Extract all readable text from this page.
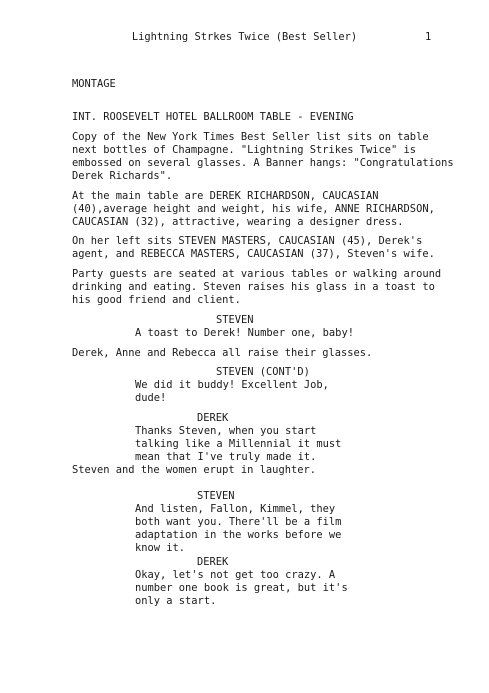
Lightning Strkes Twice (Best Seller)	1
MONTAGE
INT. ROOSEVELT HOTEL BALLROOM TABLE - EVENING
Copy of the New York Times Best Seller list sits on table
next bottles of Champagne. "Lightning Strikes Twice" is
embossed on several glasses. A Banner hangs: "Congratulations
Derek Richards".
At the main table are DEREK RICHARDSON, CAUCASIAN
(40),average height and weight, his wife, ANNE RICHARDSON,
CAUCASIAN (32), attractive, wearing a designer dress.
On her left sits STEVEN MASTERS, CAUCASIAN (45), Derek's
agent, and REBECCA MASTERS, CAUCASIAN (37), Steven's wife.
Party guests are seated at various tables or walking around
drinking and eating. Steven raises his glass in a toast to
his good friend and client.
STEVEN
A toast to Derek! Number one, baby!
Derek, Anne and Rebecca all raise their glasses.
STEVEN (CONT'D)
We did it buddy! Excellent Job,
dude!
DEREK
Thanks Steven, when you start
talking like a Millennial it must
mean that I've truly made it.
Steven and the women erupt in laughter.
STEVEN
And listen, Fallon, Kimmel, they
both want you. There'll be a film
adaptation in the works before we
know it.
DEREK
Okay, let's not get too crazy. A
number one book is great, but it's
only a start.
